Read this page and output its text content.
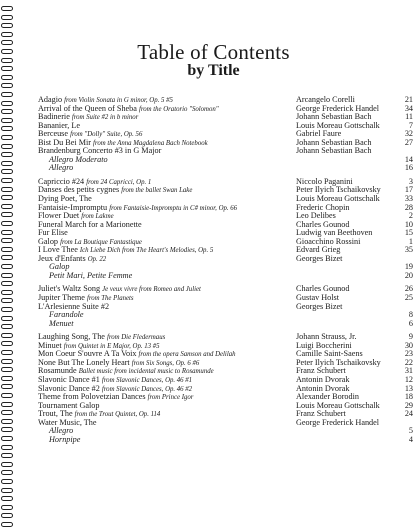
Table of Contents
by Title
Adagio from Violin Sonata in G minor, Op. 5 #5	Arcangelo Corelli	21
Arrival of the Queen of Sheba from the Oratorio "Solomon"	George Frederick Handel	34
Badinerie from Suite #2 in b minor	Johann Sebastian Bach	11
Bananier, Le	Louis Moreau Gottschalk	7
Berceuse from "Dolly" Suite, Op. 56	Gabriel Faure	32
Bist Du Bei Mir from the Anna Magdalena Bach Notebook	Johann Sebastian Bach	27
Brandenburg Concerto #3 in G Major	Johann Sebastian Bach
Allegro Moderato	14
Allegro	16
Capriccio #24 from 24 Capricci, Op. 1	Niccolo Paganini	3
Danses des petits cygnes from the ballet Swan Lake	Peter Ilyich Tschaikovsky	17
Dying Poet, The	Louis Moreau Gottschalk	33
Fantaisie-Impromptu from Fantaisie-Impromptu in C# minor, Op. 66	Frederic Chopin	28
Flower Duet from Lakme	Leo Delibes	2
Funeral March for a Marionette	Charles Gounod	10
Fur Elise	Ludwig van Beethoven	15
Galop from La Boutique Fantastique	Gioacchino Rossini	1
I Love Thee Ich Liebe Dich from The Heart's Melodies, Op. 5	Edvard Grieg	35
Jeux d'Enfants Op. 22	Georges Bizet
Galop	19
Petit Mari, Petite Femme	20
Juliet's Waltz Song Je veux vivre from Romeo and Juliet	Charles Gounod	26
Jupiter Theme from The Planets	Gustav Holst	25
L'Arlesienne Suite #2	Georges Bizet
Farandole	8
Menuet	6
Laughing Song, The from Die Fledermaus	Johann Strauss, Jr.	9
Minuet from Quintet in E Major, Op. 13 #5	Luigi Boccherini	30
Mon Coeur S'ouvre A Ta Voix from the opera Samson and Delilah	Camille Saint-Saens	23
None But The Lonely Heart from Six Songs, Op. 6 #6	Peter Ilyich Tschaikovsky	22
Rosamunde Ballet music from incidental music to Rosamunde	Franz Schubert	31
Slavonic Dance #1 from Slavonic Dances, Op. 46 #1	Antonin Dvorak	12
Slavonic Dance #2 from Slavonic Dances, Op. 46 #2	Antonin Dvorak	13
Theme from Polovetzian Dances from Prince Igor	Alexander Borodin	18
Tournament Galop	Louis Moreau Gottschalk	29
Trout, The from the Trout Quintet, Op. 114	Franz Schubert	24
Water Music, The	George Frederick Handel
Allegro	5
Hornpipe	4
